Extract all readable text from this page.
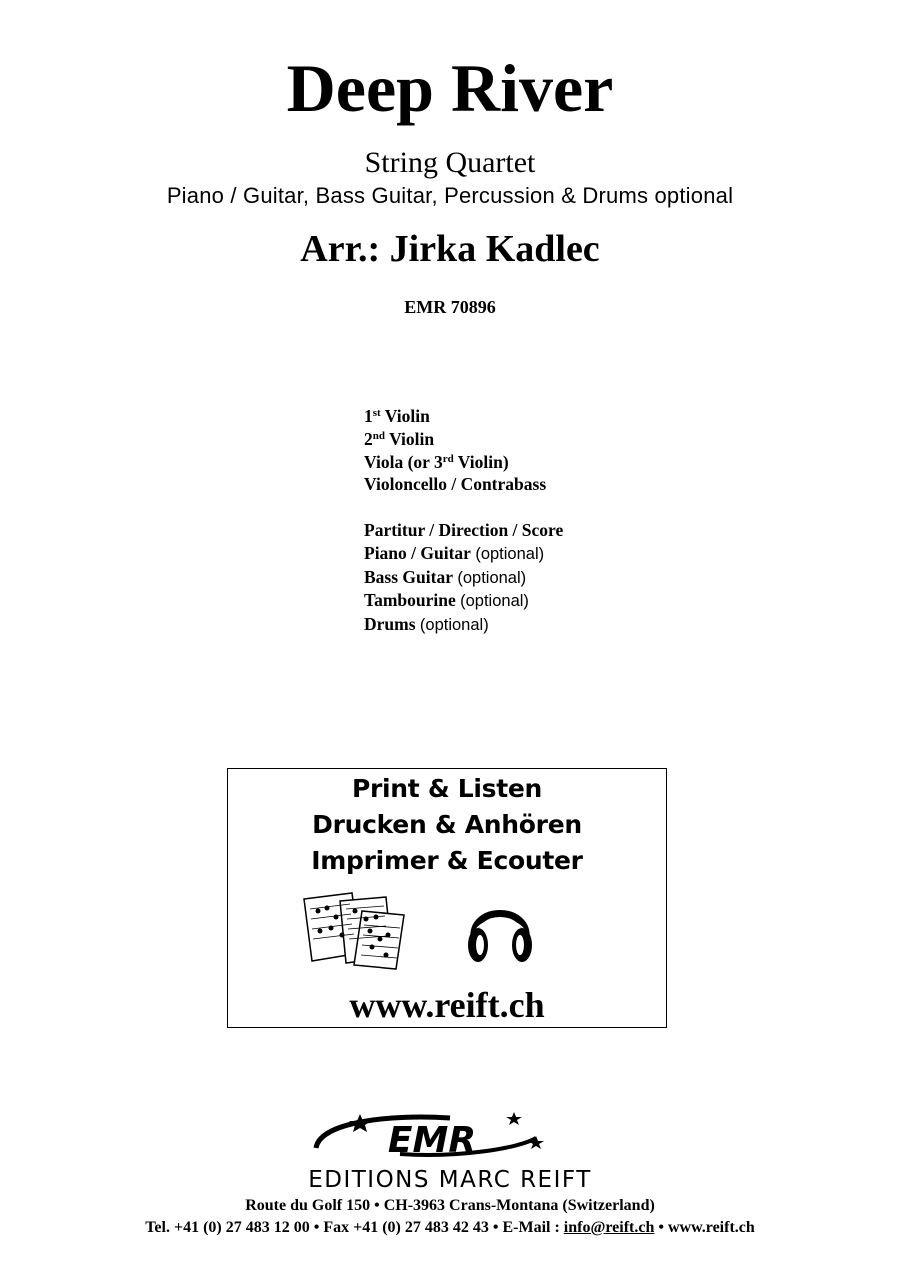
Deep River
String Quartet
Piano / Guitar, Bass Guitar, Percussion & Drums optional
Arr.: Jirka Kadlec
EMR 70896
1st Violin
2nd Violin
Viola (or 3rd Violin)
Violoncello / Contrabass
Partitur / Direction / Score
Piano / Guitar (optional)
Bass Guitar (optional)
Tambourine (optional)
Drums (optional)
Print & Listen
Drucken & Anhören
Imprimer & Ecouter
www.reift.ch
EMR
EDITIONS MARC REIFT
Route du Golf 150 • CH-3963 Crans-Montana (Switzerland)
Tel. +41 (0) 27 483 12 00 • Fax +41 (0) 27 483 42 43 • E-Mail : info@reift.ch • www.reift.ch
